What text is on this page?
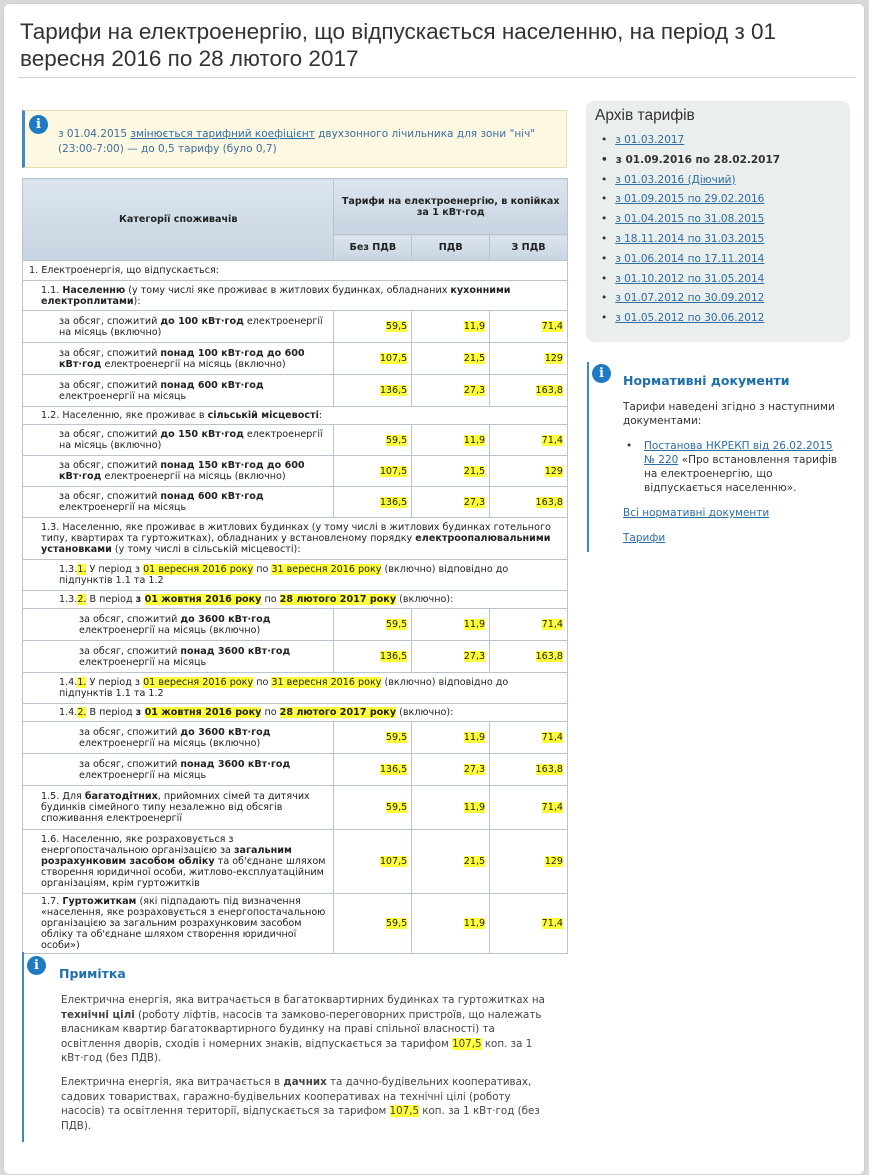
Тарифи на електроенергію, що відпускається населенню, на період з 01 вересня 2016 по 28 лютого 2017
i
з 01.04.2015 змінюється тарифний коефіцієнт двухзонного лічильника для зони "ніч" (23:00-7:00) — до 0,5 тарифу (було 0,7)
Категорії споживачів	Тарифи на електроенергію, в копійках за 1 кВт·год		
	Без ПДВ	ПДВ	З ПДВ
1. Електроенергія, що відпускається:			
1.1. Населенню (у тому числі яке проживає в житлових будинках, обладнаних кухонними електроплитами):			
за обсяг, спожитий до 100 кВт·год електроенергії на місяць (включно)	59,5	11,9	71,4
за обсяг, спожитий понад 100 кВт·год до 600 кВт·год електроенергії на місяць (включно)	107,5	21,5	129
за обсяг, спожитий понад 600 кВт·год електроенергії на місяць	136,5	27,3	163,8
1.2. Населенню, яке проживає в сільській місцевості:			
за обсяг, спожитий до 150 кВт·год електроенергії на місяць (включно)	59,5	11,9	71,4
за обсяг, спожитий понад 150 кВт·год до 600 кВт·год електроенергії на місяць (включно)	107,5	21,5	129
за обсяг, спожитий понад 600 кВт·год електроенергії на місяць	136,5	27,3	163,8
1.3. Населенню, яке проживає в житлових будинках (у тому числі в житлових будинках готельного типу, квартирах та гуртожитках), обладнаних у встановленому порядку електроопалювальними установками (у тому числі в сільській місцевості):			
1.3.1. У період з 01 вересня 2016 року по 31 вересня 2016 року (включно) відповідно до підпунктів 1.1 та 1.2			
1.3.2. В період з 01 жовтня 2016 року по 28 лютого 2017 року (включно):			
за обсяг, спожитий до 3600 кВт·год електроенергії на місяць (включно)	59,5	11,9	71,4
за обсяг, спожитий понад 3600 кВт·год електроенергії на місяць	136,5	27,3	163,8
1.4.1. У період з 01 вересня 2016 року по 31 вересня 2016 року (включно) відповідно до підпунктів 1.1 та 1.2			
1.4.2. В період з 01 жовтня 2016 року по 28 лютого 2017 року (включно):			
за обсяг, спожитий до 3600 кВт·год електроенергії на місяць (включно)	59,5	11,9	71,4
за обсяг, спожитий понад 3600 кВт·год електроенергії на місяць	136,5	27,3	163,8
1.5. Для багатодітних, прийомних сімей та дитячих будинків сімейного типу незалежно від обсягів споживання електроенергії	59,5	11,9	71,4
1.6. Населенню, яке розраховується з енергопостачальною організацією за загальним розрахунковим засобом обліку та об'єднане шляхом створення юридичної особи, житлово-експлуатаційним організаціям, крім гуртожитків	107,5	21,5	129
1.7. Гуртожиткам (які підпадають під визначення «населення, яке розраховується з енергопостачальною організацією за загальним розрахунковим засобом обліку та об'єднане шляхом створення юридичної особи»)	59,5	11,9	71,4
Архів тарифів
• з 01.03.2017
• з 01.09.2016 по 28.02.2017
• з 01.03.2016 (Діючий)
• з 01.09.2015 по 29.02.2016
• з 01.04.2015 по 31.08.2015
• з 18.11.2014 по 31.03.2015
• з 01.06.2014 по 17.11.2014
• з 01.10.2012 по 31.05.2014
• з 01.07.2012 по 30.09.2012
• з 01.05.2012 по 30.06.2012
i	Нормативні документи
Тарифи наведені згідно з наступними документами:
• Постанова НКРЕКП від 26.02.2015 № 220 «Про встановлення тарифів на електроенергію, що відпускається населенню».
Всі нормативні документи
Тарифи
i
Примітка
Електрична енергія, яка витрачається в багатоквартирних будинках та гуртожитках на технічні цілі (роботу ліфтів, насосів та замково-переговорних пристроїв, що належать власникам квартир багатоквартирного будинку на праві спільної власності) та освітлення дворів, сходів і номерних знаків, відпускається за тарифом 107,5 коп. за 1 кВт·год (без ПДВ).
Електрична енергія, яка витрачається в дачних та дачно-будівельних кооперативах, садових товариствах, гаражно-будівельних кооперативах на технічні цілі (роботу насосів) та освітлення території, відпускається за тарифом 107,5 коп. за 1 кВт·год (без ПДВ).
